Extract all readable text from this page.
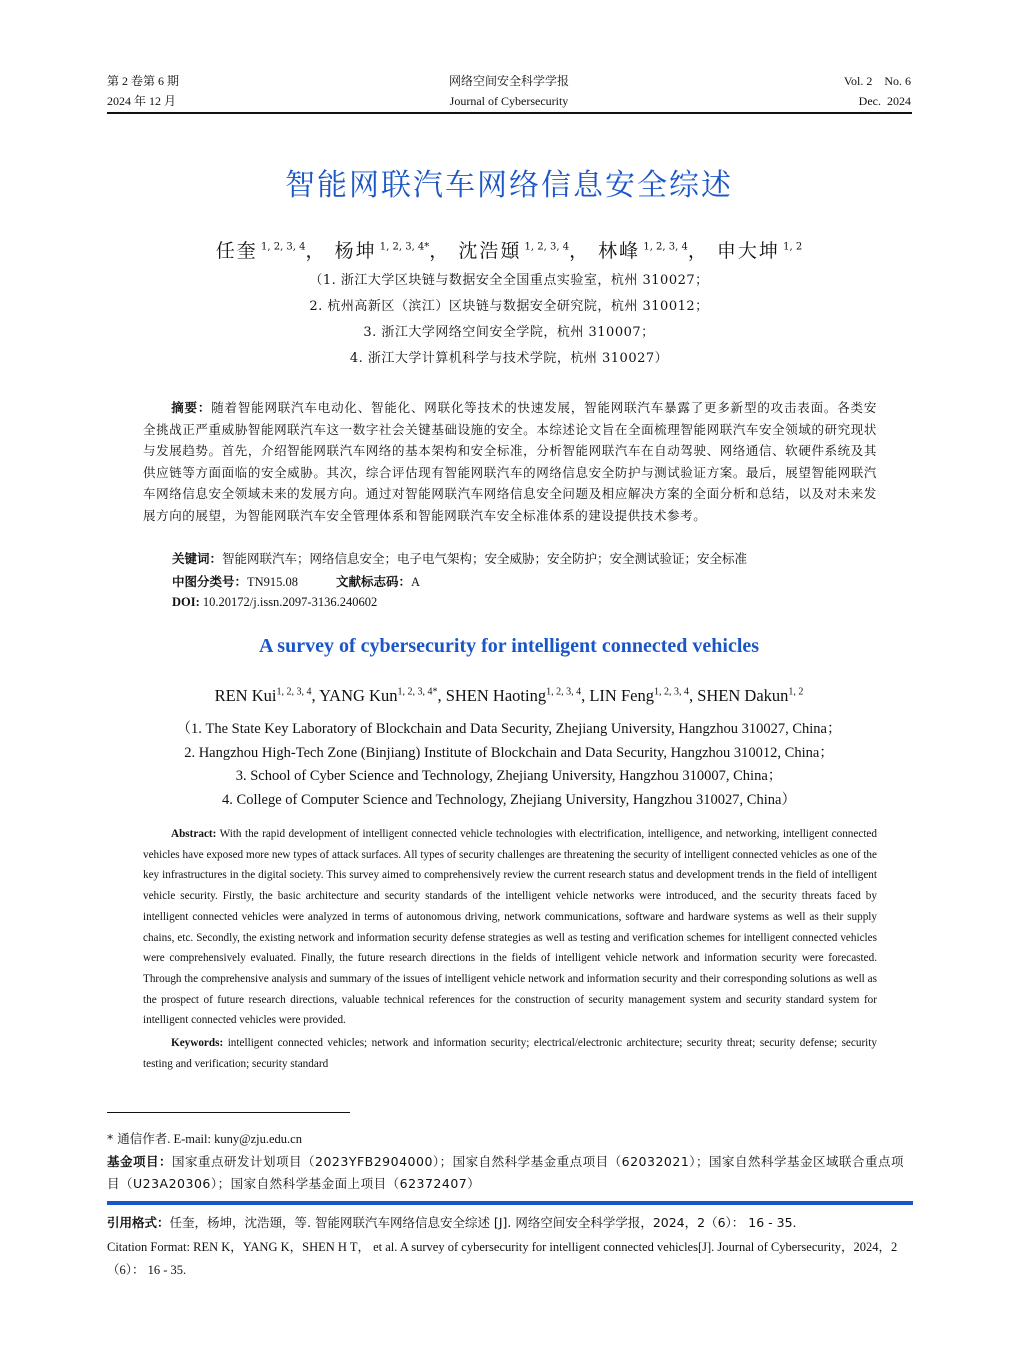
第 2 卷第 6 期
2024 年 12 月
网络空间安全科学学报
Journal of Cybersecurity
Vol. 2    No. 6
Dec.  2024
智能网联汽车网络信息安全综述
任奎 $^{1, 2, 3, 4}$， 杨坤 $^{1, 2, 3, 4*}$， 沈浩頲 $^{1, 2, 3, 4}$， 林峰 $^{1, 2, 3, 4}$， 申大坤 $^{1, 2}$
（1. 浙江大学区块链与数据安全全国重点实验室，杭州 310027；
2. 杭州高新区（滨江）区块链与数据安全研究院，杭州 310012；
3. 浙江大学网络空间安全学院，杭州 310007；
4. 浙江大学计算机科学与技术学院，杭州 310027）
摘要：随着智能网联汽车电动化、智能化、网联化等技术的快速发展，智能网联汽车暴露了更多新型的攻击表面。各类安全挑战正严重威胁智能网联汽车这一数字社会关键基础设施的安全。本综述论文旨在全面梳理智能网联汽车安全领域的研究现状与发展趋势。首先，介绍智能网联汽车网络的基本架构和安全标准，分析智能网联汽车在自动驾驶、网络通信、软硬件系统及其供应链等方面面临的安全威胁。其次，综合评估现有智能网联汽车的网络信息安全防护与测试验证方案。最后，展望智能网联汽车网络信息安全领域未来的发展方向。通过对智能网联汽车网络信息安全问题及相应解决方案的全面分析和总结，以及对未来发展方向的展望，为智能网联汽车安全管理体系和智能网联汽车安全标准体系的建设提供技术参考。
关键词：智能网联汽车；网络信息安全；电子电气架构；安全威胁；安全防护；安全测试验证；安全标准
中图分类号：TN915.08	文献标志码：A
DOI: 10.20172/j.issn.2097-3136.240602
A survey of cybersecurity for intelligent connected vehicles
REN Kui$^{1, 2, 3, 4}$, YANG Kun$^{1, 2, 3, 4*}$, SHEN Haoting$^{1, 2, 3, 4}$, LIN Feng$^{1, 2, 3, 4}$, SHEN Dakun$^{1, 2}$
（1. The State Key Laboratory of Blockchain and Data Security, Zhejiang University, Hangzhou 310027, China；
2. Hangzhou High-Tech Zone (Binjiang) Institute of Blockchain and Data Security, Hangzhou 310012, China；
3. School of Cyber Science and Technology, Zhejiang University, Hangzhou 310007, China；
4. College of Computer Science and Technology, Zhejiang University, Hangzhou 310027, China）
Abstract: With the rapid development of intelligent connected vehicle technologies with electrification, intelligence, and networking, intelligent connected vehicles have exposed more new types of attack surfaces. All types of security challenges are threatening the security of intelligent connected vehicles as one of the key infrastructures in the digital society. This survey aimed to comprehensively review the current research status and development trends in the field of intelligent vehicle security. Firstly, the basic architecture and security standards of the intelligent vehicle networks were introduced, and the security threats faced by intelligent connected vehicles were analyzed in terms of autonomous driving, network communications, software and hardware systems as well as their supply chains, etc. Secondly, the existing network and information security defense strategies as well as testing and verification schemes for intelligent connected vehicles were comprehensively evaluated. Finally, the future research directions in the fields of intelligent vehicle network and information security were forecasted. Through the comprehensive analysis and summary of the issues of intelligent vehicle network and information security and their corresponding solutions as well as the prospect of future research directions, valuable technical references for the construction of security management system and security standard system for intelligent connected vehicles were provided.
Keywords: intelligent connected vehicles; network and information security; electrical/electronic architecture; security threat; security defense; security testing and verification; security standard
* 通信作者. E-mail: kuny@zju.edu.cn
基金项目：国家重点研发计划项目（2023YFB2904000）；国家自然科学基金重点项目（62032021）；国家自然科学基金区域联合重点项目（U23A20306）；国家自然科学基金面上项目（62372407）
引用格式：任奎，杨坤，沈浩頲，等. 智能网联汽车网络信息安全综述 [J]. 网络空间安全科学学报，2024，2（6）： 16 - 35.
Citation Format: REN K，YANG K，SHEN H T， et al. A survey of cybersecurity for intelligent connected vehicles[J]. Journal of Cybersecurity，2024，2（6）： 16 - 35.
